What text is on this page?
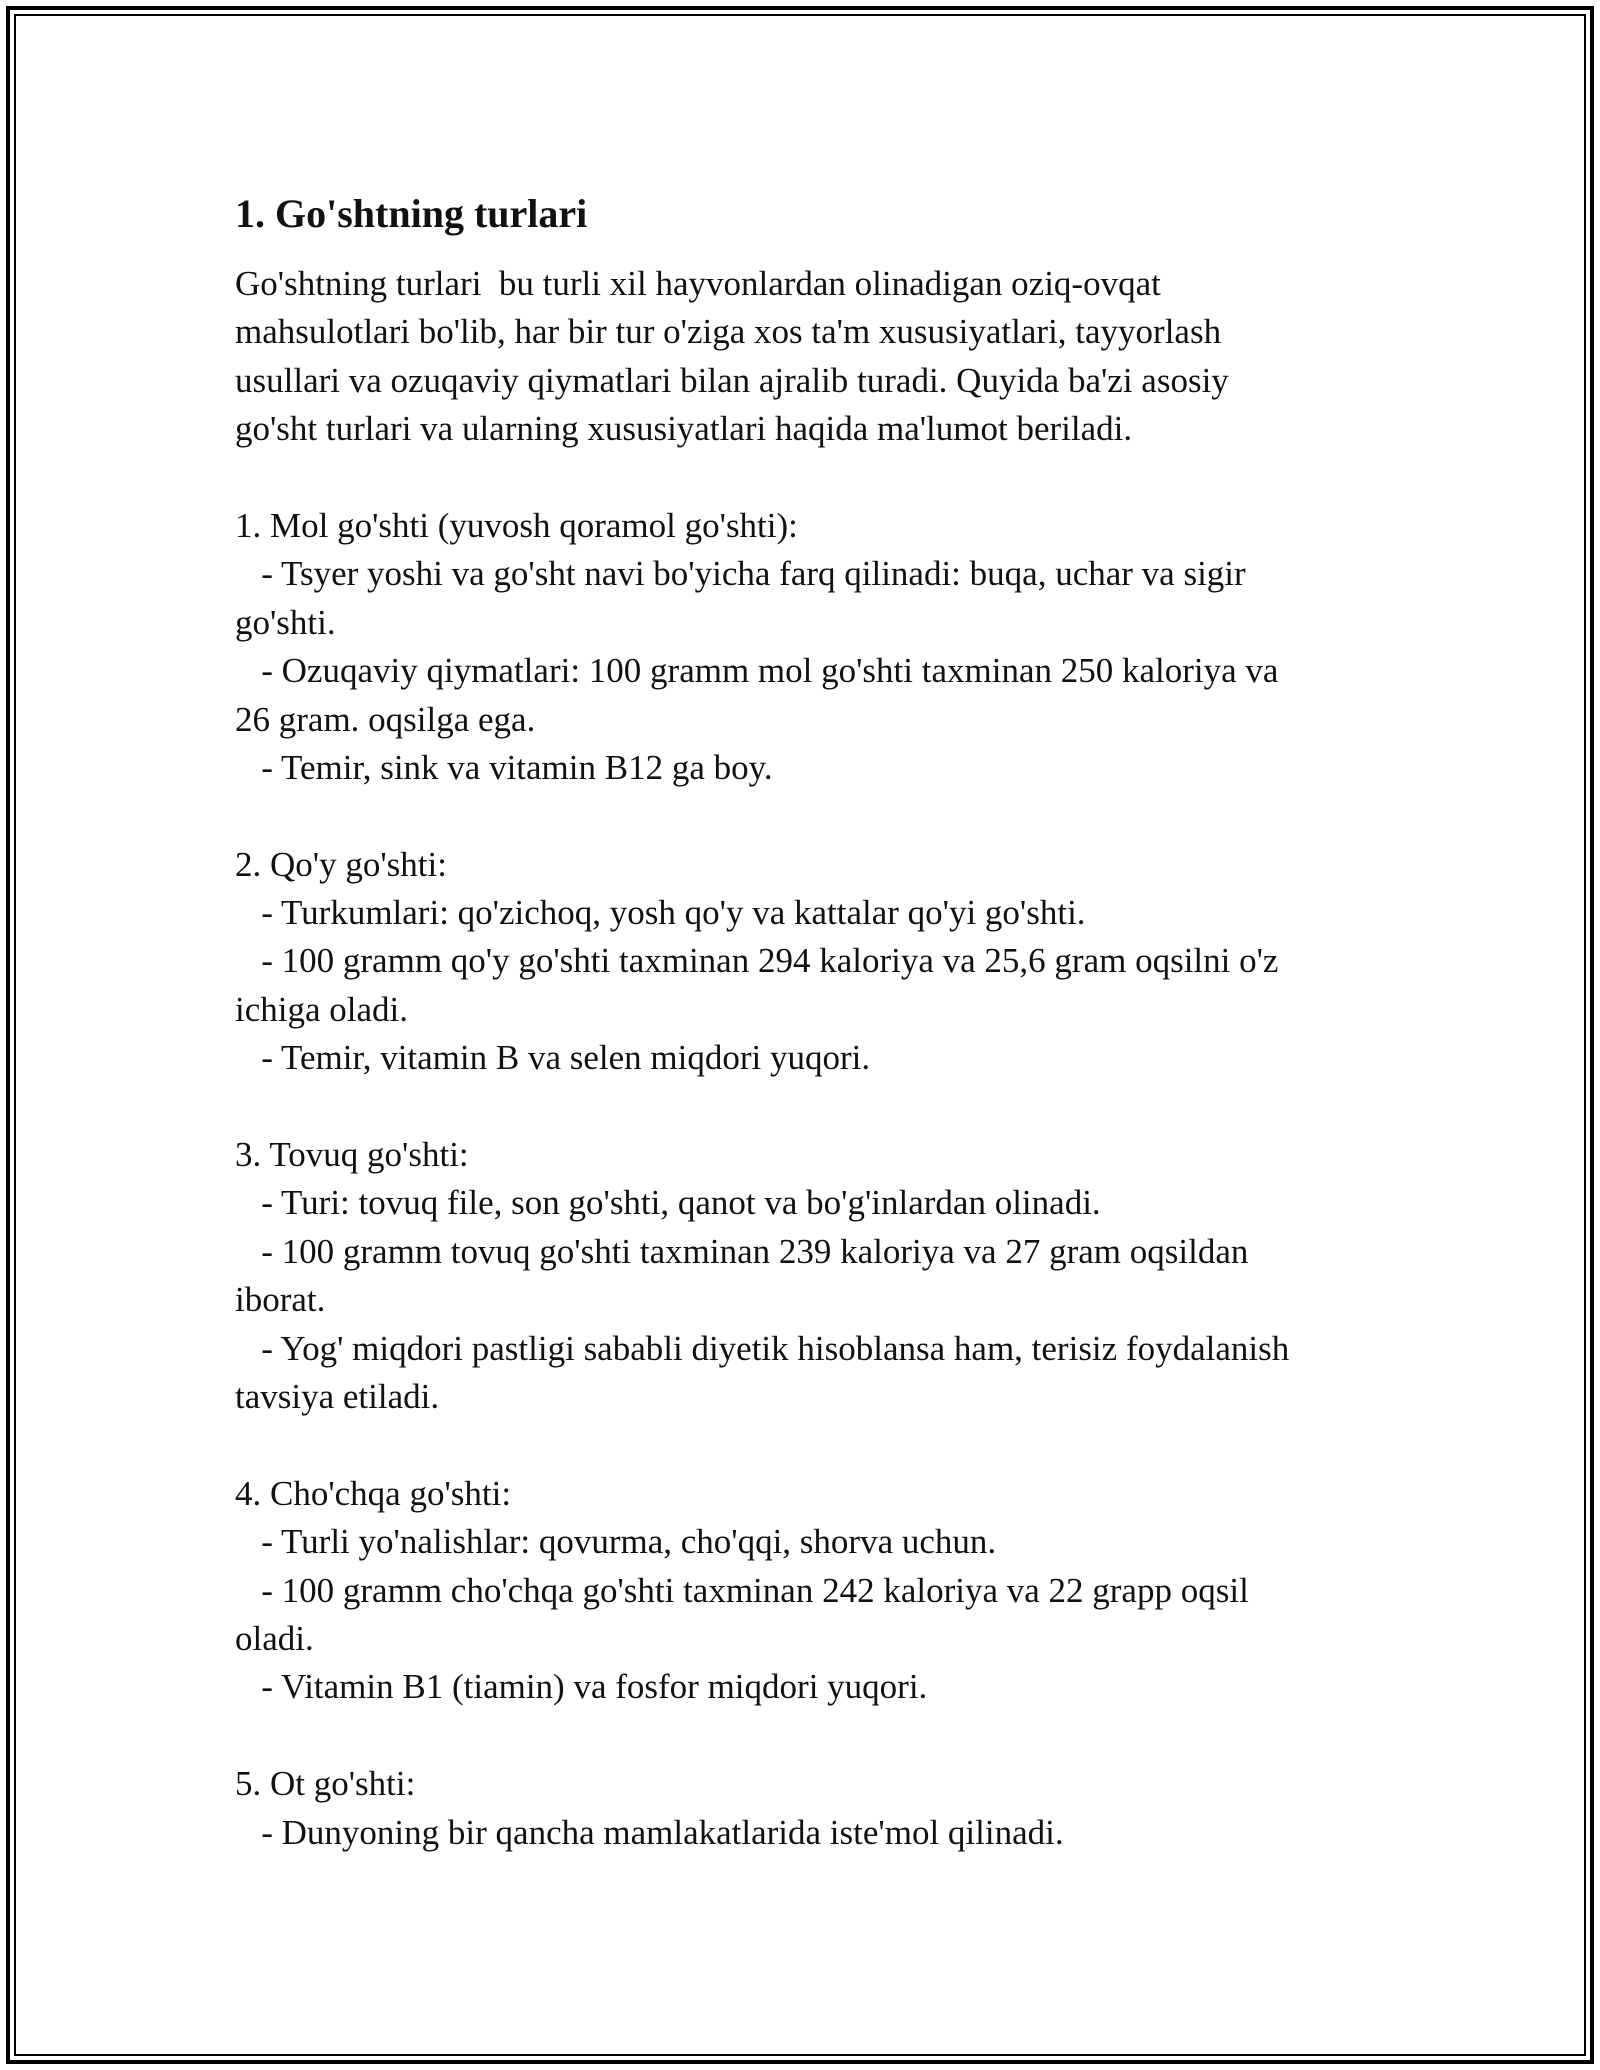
1. Go'shtning turlari
Go'shtning turlari  bu turli xil hayvonlardan olinadigan oziq-ovqat
mahsulotlari bo'lib, har bir tur o'ziga xos ta'm xususiyatlari, tayyorlash
usullari va ozuqaviy qiymatlari bilan ajralib turadi. Quyida ba'zi asosiy
go'sht turlari va ularning xususiyatlari haqida ma'lumot beriladi.
1. Mol go'shti (yuvosh qoramol go'shti):
- Tsyer yoshi va go'sht navi bo'yicha farq qilinadi: buqa, uchar va sigir
go'shti.
- Ozuqaviy qiymatlari: 100 gramm mol go'shti taxminan 250 kaloriya va
26 gram. oqsilga ega.
- Temir, sink va vitamin B12 ga boy.
2. Qo'y go'shti:
- Turkumlari: qo'zichoq, yosh qo'y va kattalar qo'yi go'shti.
- 100 gramm qo'y go'shti taxminan 294 kaloriya va 25,6 gram oqsilni o'z
ichiga oladi.
- Temir, vitamin B va selen miqdori yuqori.
3. Tovuq go'shti:
- Turi: tovuq file, son go'shti, qanot va bo'g'inlardan olinadi.
- 100 gramm tovuq go'shti taxminan 239 kaloriya va 27 gram oqsildan
iborat.
- Yog' miqdori pastligi sababli diyetik hisoblansa ham, terisiz foydalanish
tavsiya etiladi.
4. Cho'chqa go'shti:
- Turli yo'nalishlar: qovurma, cho'qqi, shorva uchun.
- 100 gramm cho'chqa go'shti taxminan 242 kaloriya va 22 grapp oqsil
oladi.
- Vitamin B1 (tiamin) va fosfor miqdori yuqori.
5. Ot go'shti:
- Dunyoning bir qancha mamlakatlarida iste'mol qilinadi.
